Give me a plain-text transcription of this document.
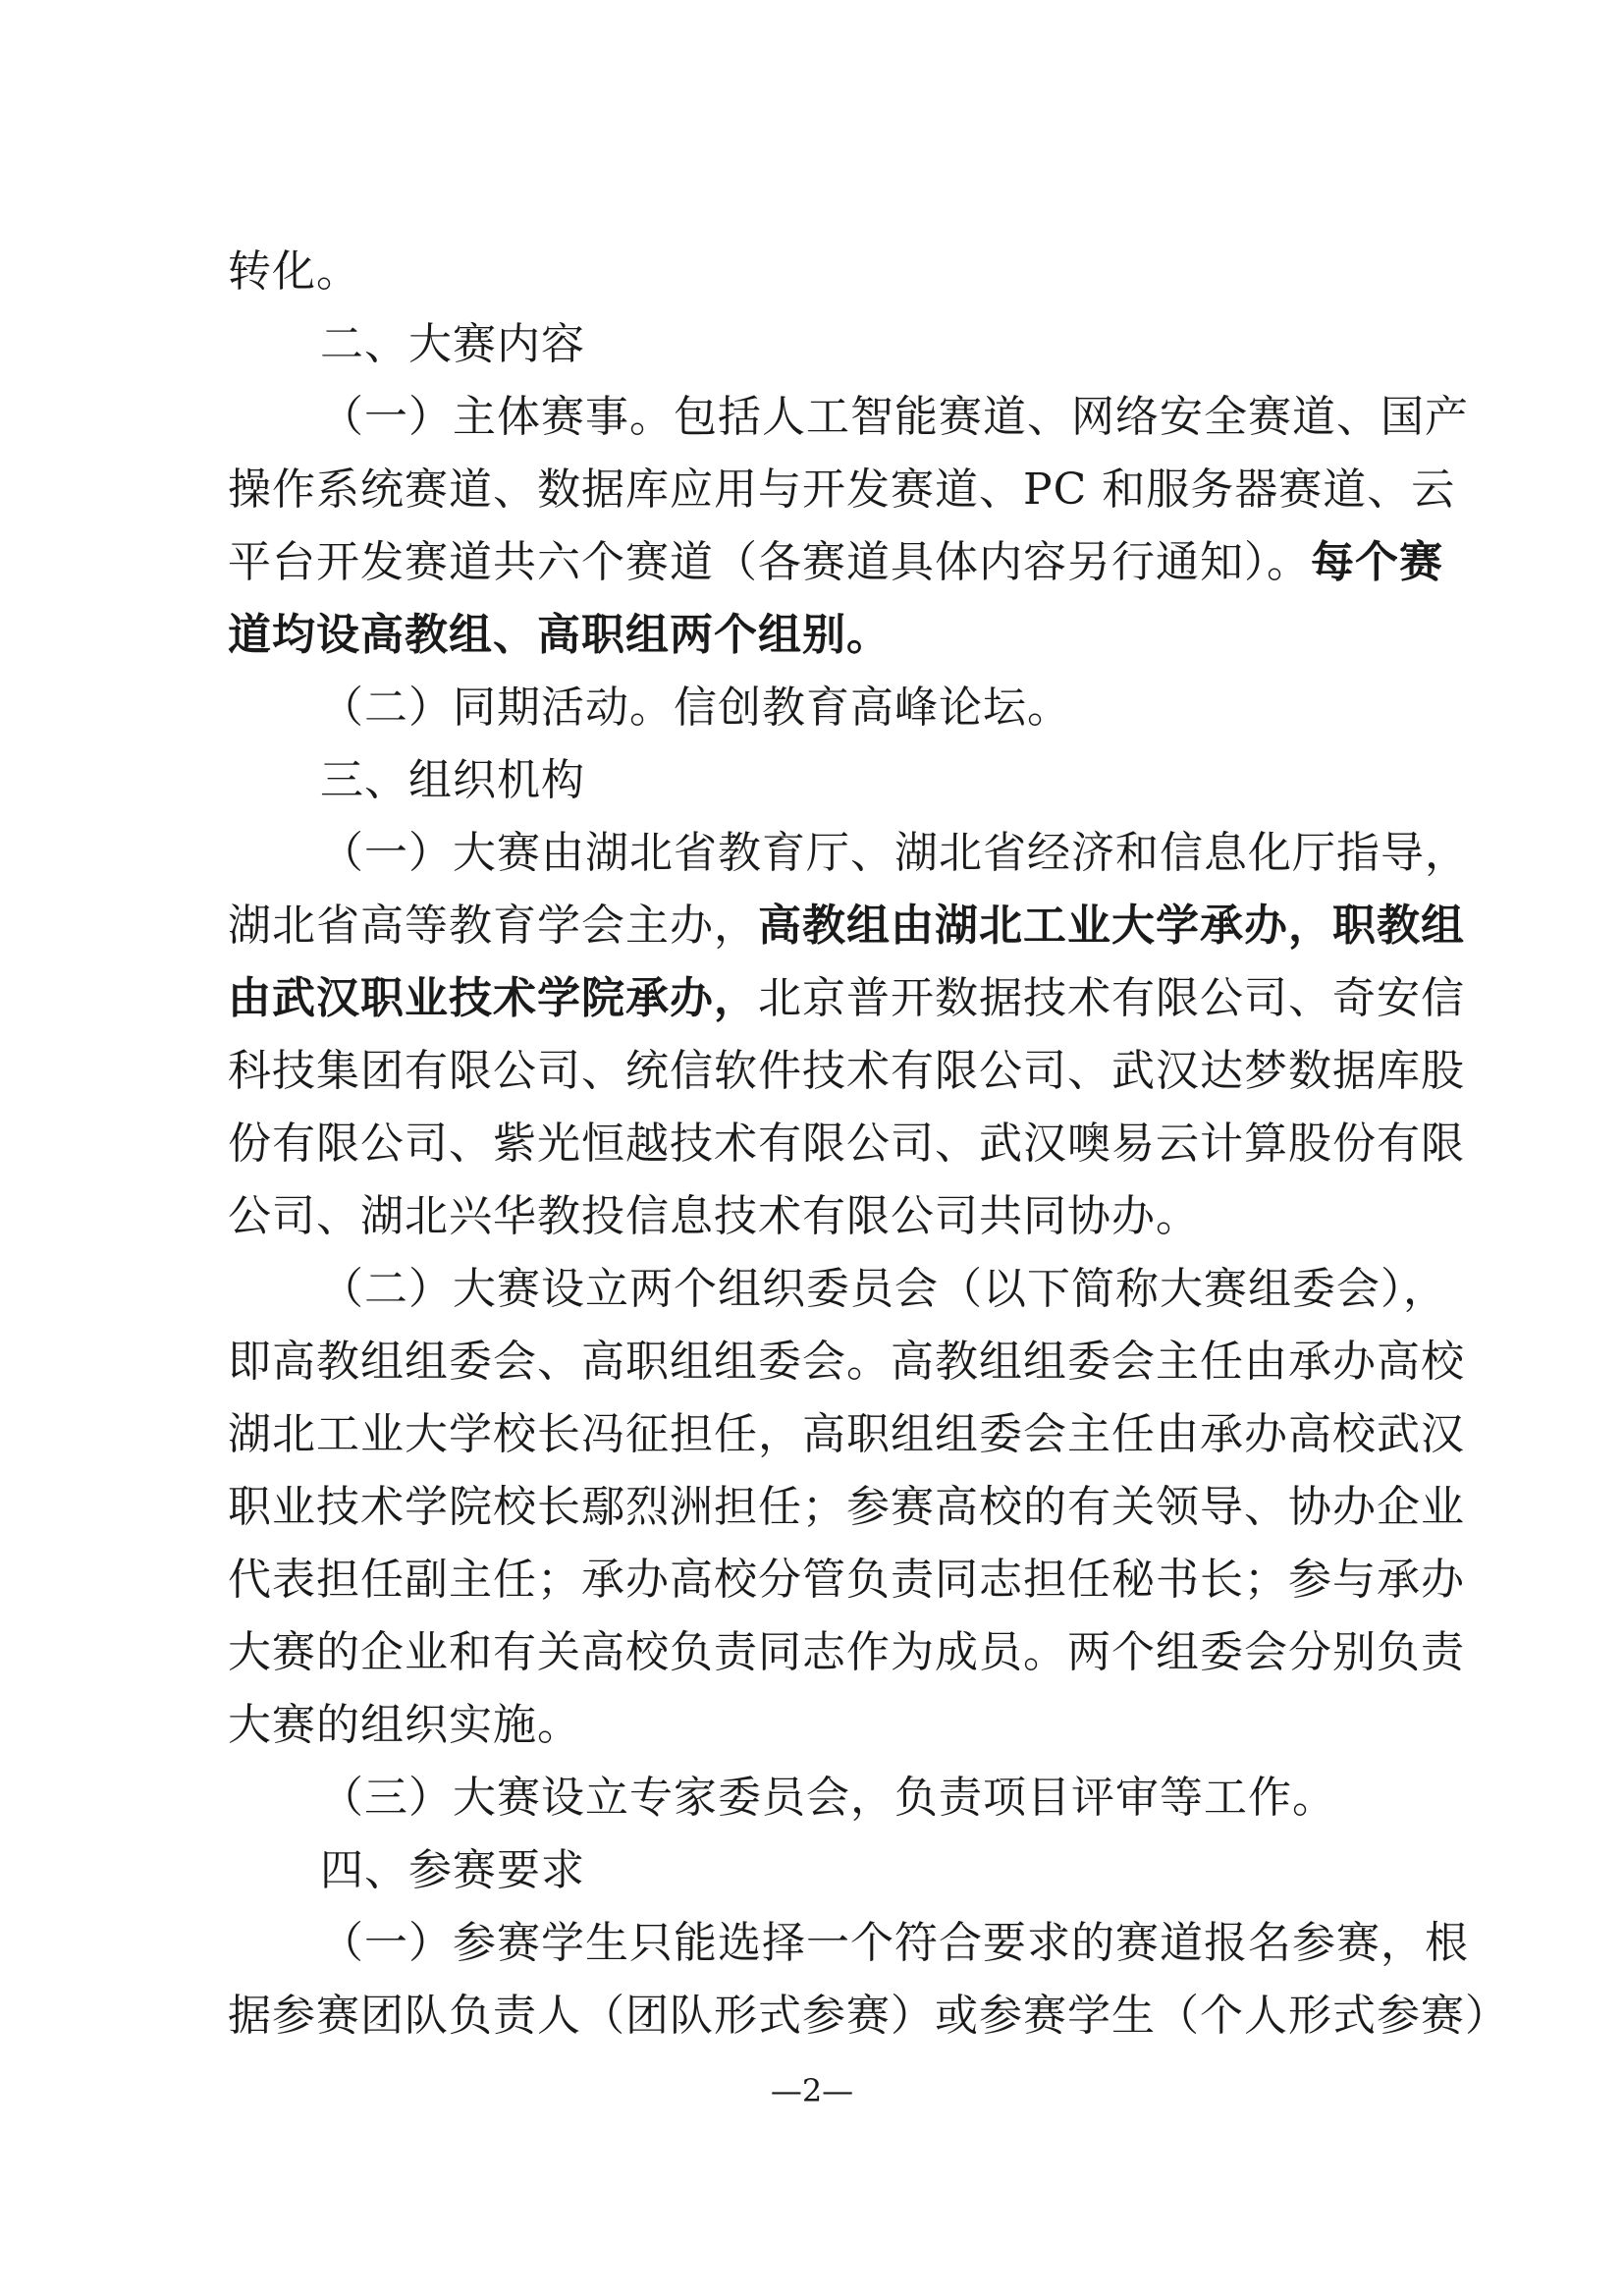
转化。
二、大赛内容
（一）主体赛事。包括人工智能赛道、网络安全赛道、国产
操作系统赛道、数据库应用与开发赛道、PC 和服务器赛道、云
平台开发赛道共六个赛道（各赛道具体内容另行通知）。每个赛
道均设高教组、高职组两个组别。
（二）同期活动。信创教育高峰论坛。
三、组织机构
（一）大赛由湖北省教育厅、湖北省经济和信息化厅指导，
湖北省高等教育学会主办，高教组由湖北工业大学承办，职教组
由武汉职业技术学院承办，北京普开数据技术有限公司、奇安信
科技集团有限公司、统信软件技术有限公司、武汉达梦数据库股
份有限公司、紫光恒越技术有限公司、武汉噢易云计算股份有限
公司、湖北兴华教投信息技术有限公司共同协办。
（二）大赛设立两个组织委员会（以下简称大赛组委会），
即高教组组委会、高职组组委会。高教组组委会主任由承办高校
湖北工业大学校长冯征担任，高职组组委会主任由承办高校武汉
职业技术学院校长鄢烈洲担任；参赛高校的有关领导、协办企业
代表担任副主任；承办高校分管负责同志担任秘书长；参与承办
大赛的企业和有关高校负责同志作为成员。两个组委会分别负责
大赛的组织实施。
（三）大赛设立专家委员会，负责项目评审等工作。
四、参赛要求
（一）参赛学生只能选择一个符合要求的赛道报名参赛，根
据参赛团队负责人（团队形式参赛）或参赛学生（个人形式参赛）
—2—
